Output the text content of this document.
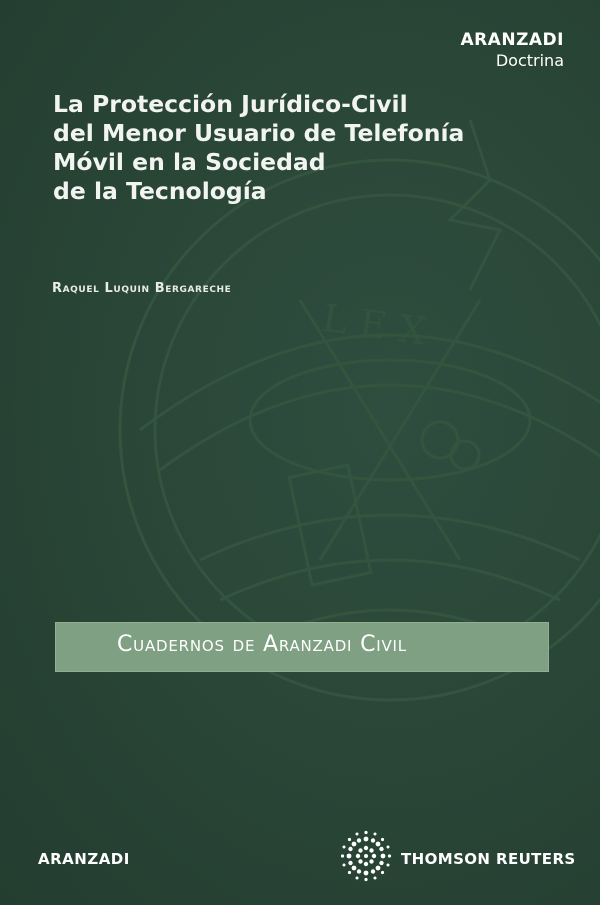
L E X
ARANZADI
Doctrina
La Protección Jurídico-Civil
del Menor Usuario de Telefonía
Móvil en la Sociedad
de la Tecnología
Raquel Luquin Bergareche
Cuadernos de Aranzadi Civil
ARANZADI	THOMSON REUTERS
